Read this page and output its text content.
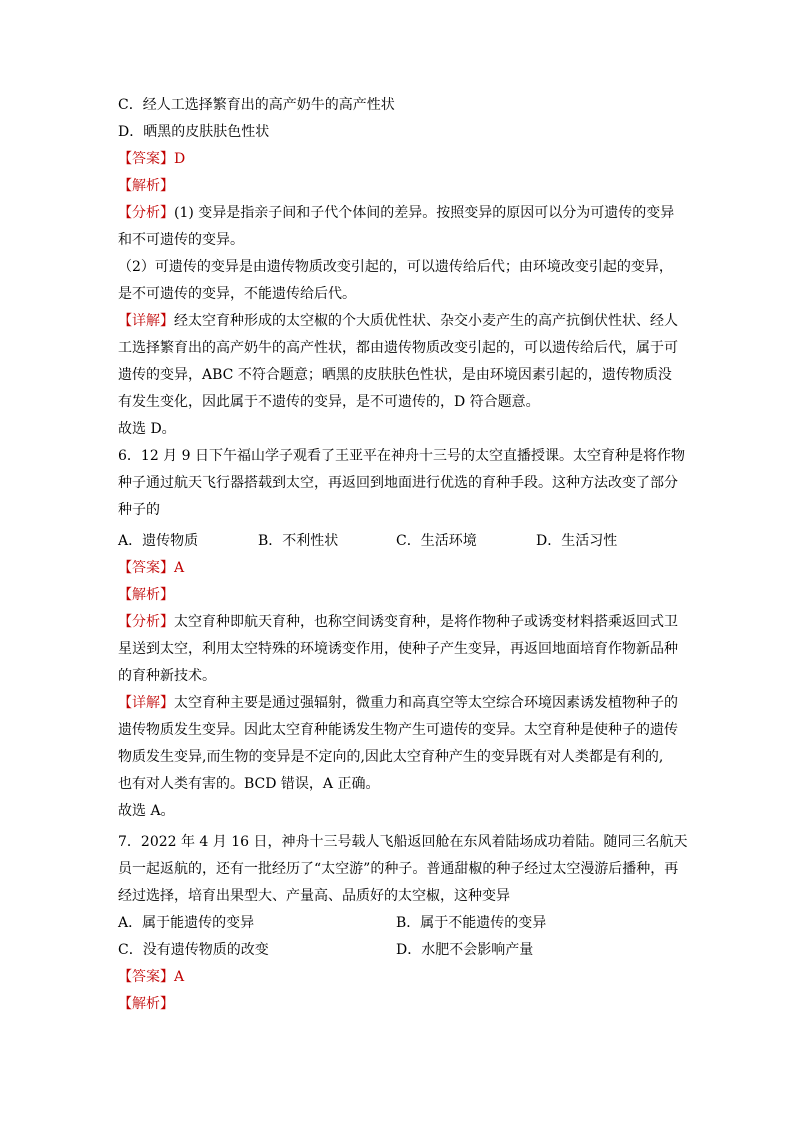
C．经人工选择繁育出的高产奶牛的高产性状
D．晒黑的皮肤肤色性状
【答案】D
【解析】
【分析】(1) 变异是指亲子间和子代个体间的差异。按照变异的原因可以分为可遗传的变异
和不可遗传的变异。
（2）可遗传的变异是由遗传物质改变引起的，可以遗传给后代；由环境改变引起的变异，
是不可遗传的变异，不能遗传给后代。
【详解】经太空育种形成的太空椒的个大质优性状、杂交小麦产生的高产抗倒伏性状、经人
工选择繁育出的高产奶牛的高产性状，都由遗传物质改变引起的，可以遗传给后代，属于可
遗传的变异，ABC 不符合题意；晒黑的皮肤肤色性状，是由环境因素引起的，遗传物质没
有发生变化，因此属于不遗传的变异，是不可遗传的，D 符合题意。
故选 D。
6．12 月 9 日下午福山学子观看了王亚平在神舟十三号的太空直播授课。太空育种是将作物
种子通过航天飞行器搭载到太空，再返回到地面进行优选的育种手段。这种方法改变了部分
种子的
A．遗传物质	B．不利性状	C．生活环境	D．生活习性
【答案】A
【解析】
【分析】太空育种即航天育种，也称空间诱变育种，是将作物种子或诱变材料搭乘返回式卫
星送到太空，利用太空特殊的环境诱变作用，使种子产生变异，再返回地面培育作物新品种
的育种新技术。
【详解】太空育种主要是通过强辐射，微重力和高真空等太空综合环境因素诱发植物种子的
遗传物质发生变异。因此太空育种能诱发生物产生可遗传的变异。太空育种是使种子的遗传
物质发生变异,而生物的变异是不定向的,因此太空育种产生的变异既有对人类都是有利的,
也有对人类有害的。BCD 错误，A 正确。
故选 A。
7．2022 年 4 月 16 日，神舟十三号载人飞船返回舱在东风着陆场成功着陆。随同三名航天
员一起返航的，还有一批经历了“太空游”的种子。普通甜椒的种子经过太空漫游后播种，再
经过选择，培育出果型大、产量高、品质好的太空椒，这种变异
A．属于能遗传的变异	B．属于不能遗传的变异
C．没有遗传物质的改变	D．水肥不会影响产量
【答案】A
【解析】
